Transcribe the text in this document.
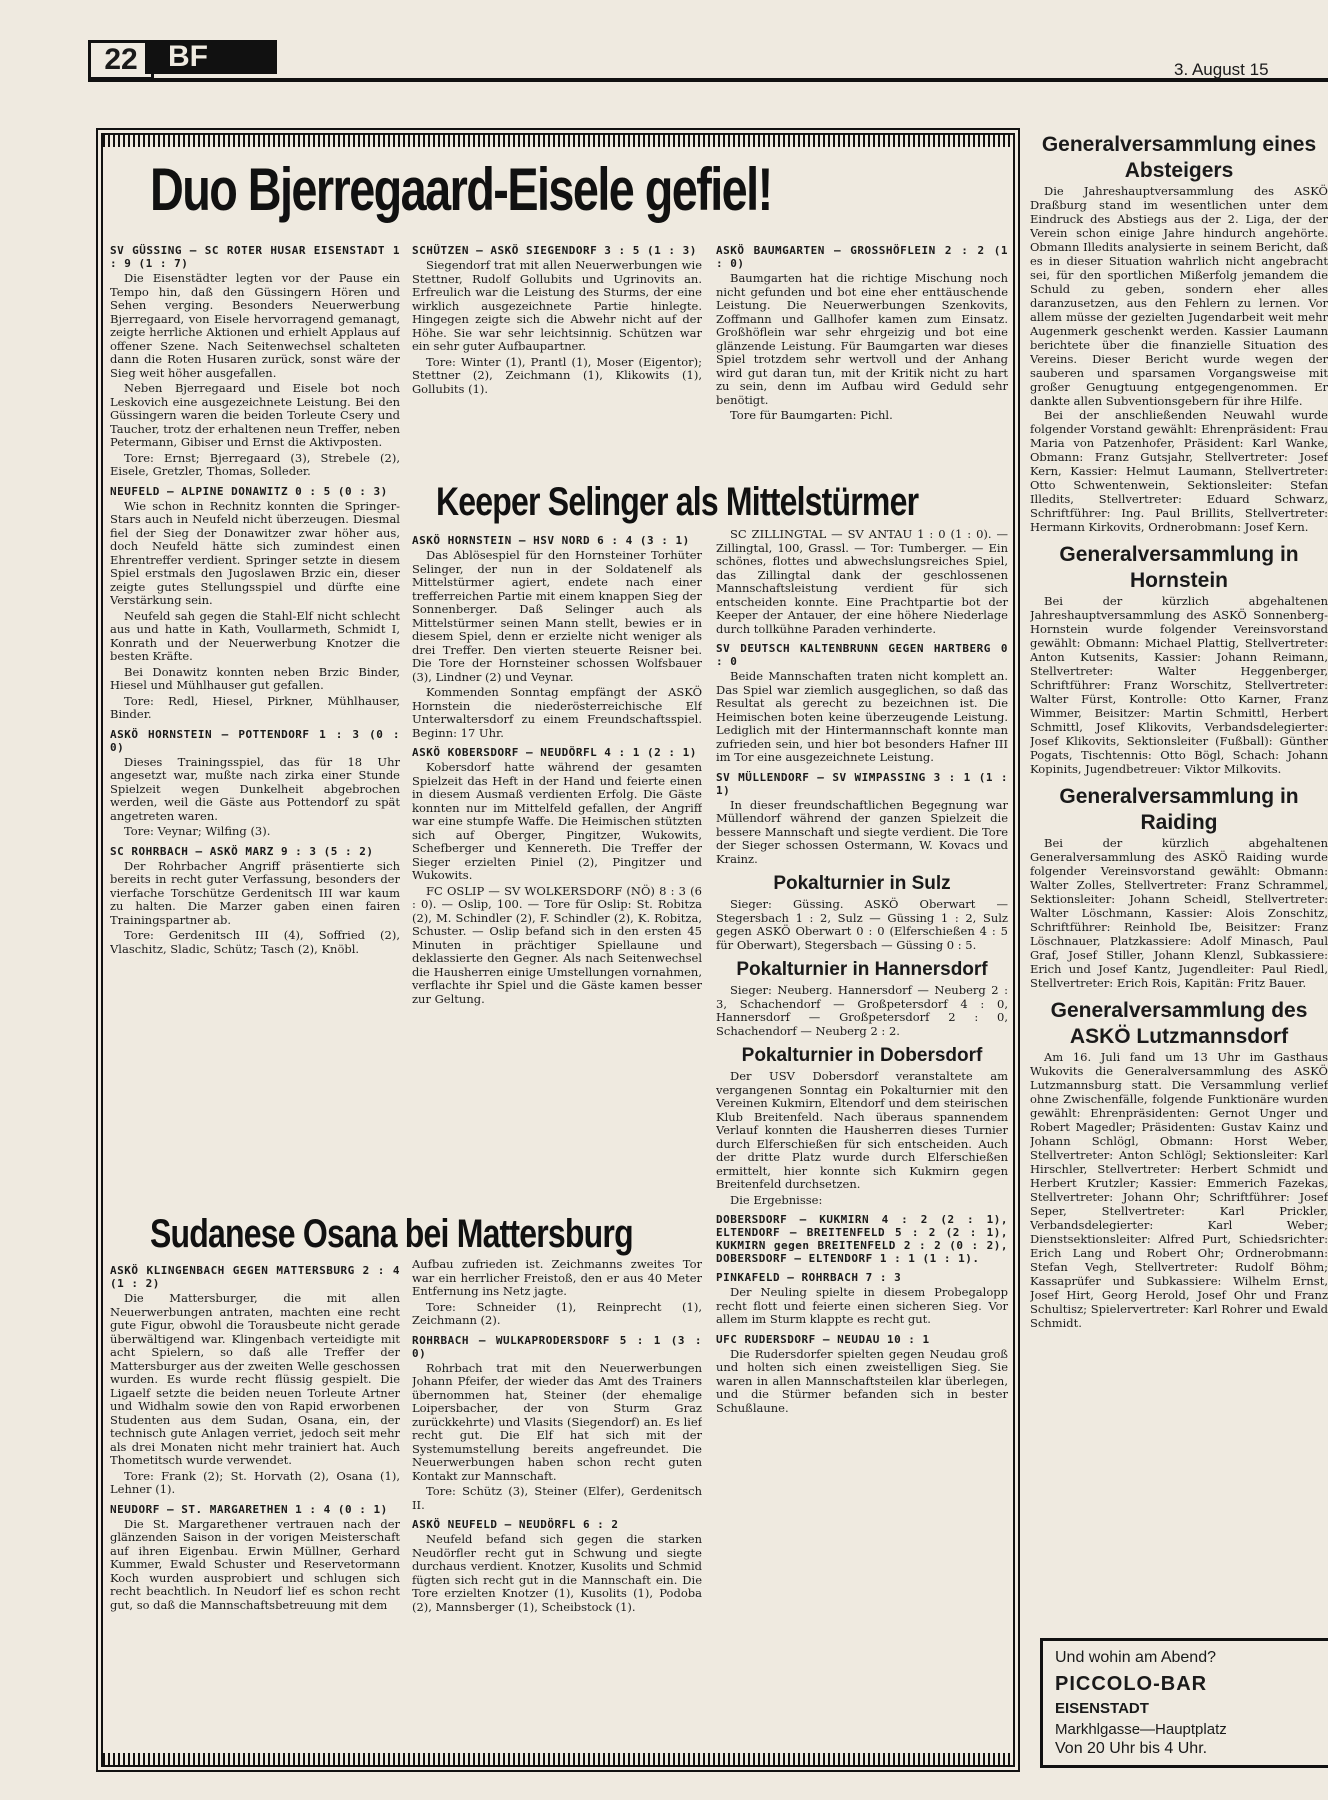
22	BF	3. August 15
Duo Bjerregaard-Eisele gefiel!
SV GÜSSING — SC ROTER HUSAR EISENSTADT 1 : 9 (1 : 7)

Die Eisenstädter legten vor der Pause ein Tempo hin, daß den Güssingern Hören und Sehen verging. Besonders Neuerwerbung Bjerregaard, von Eisele hervorragend gemanagt, zeigte herrliche Aktionen und erhielt Applaus auf offener Szene. Nach Seitenwechsel schalteten dann die Roten Husaren zurück, sonst wäre der Sieg weit höher ausgefallen.

Neben Bjerregaard und Eisele bot noch Leskovich eine ausgezeichnete Leistung. Bei den Güssingern waren die beiden Torleute Csery und Taucher, trotz der erhaltenen neun Treffer, neben Petermann, Gibiser und Ernst die Aktivposten.

Tore: Ernst; Bjerregaard (3), Strebele (2), Eisele, Gretzler, Thomas, Solleder.

NEUFELD — ALPINE DONAWITZ 0 : 5 (0 : 3)

Wie schon in Rechnitz konnten die Springer-Stars auch in Neufeld nicht überzeugen. Diesmal fiel der Sieg der Donawitzer zwar höher aus, doch Neufeld hätte sich zumindest einen Ehrentreffer verdient. Springer setzte in diesem Spiel erstmals den Jugoslawen Brzic ein, dieser zeigte gutes Stellungsspiel und dürfte eine Verstärkung sein.

Neufeld sah gegen die Stahl-Elf nicht schlecht aus und hatte in Kath, Voullarmeth, Schmidt I, Konrath und der Neuerwerbung Knotzer die besten Kräfte.

Bei Donawitz konnten neben Brzic Binder, Hiesel und Mühlhauser gut gefallen.

Tore: Redl, Hiesel, Pirkner, Mühlhauser, Binder.

ASKÖ HORNSTEIN — POTTENDORF 1 : 3 (0 : 0)

Dieses Trainingsspiel, das für 18 Uhr angesetzt war, mußte nach zirka einer Stunde Spielzeit wegen Dunkelheit abgebrochen werden, weil die Gäste aus Pottendorf zu spät angetreten waren.

Tore: Veynar; Wilfing (3).

SC ROHRBACH — ASKÖ MARZ 9 : 3 (5 : 2)

Der Rohrbacher Angriff präsentierte sich bereits in recht guter Verfassung, besonders der vierfache Torschütze Gerdenitsch III war kaum zu halten. Die Marzer gaben einen fairen Trainingspartner ab.

Tore: Gerdenitsch III (4), Soffried (2), Vlaschitz, Sladic, Schütz; Tasch (2), Knöbl.

SCHÜTZEN — ASKÖ SIEGENDORF 3 : 5 (1 : 3)

Siegendorf trat mit allen Neuerwerbungen wie Stettner, Rudolf Gollubits und Ugrinovits an. Erfreulich war die Leistung des Sturms, der eine wirklich ausgezeichnete Partie hinlegte. Hingegen zeigte sich die Abwehr nicht auf der Höhe. Sie war sehr leichtsinnig. Schützen war ein sehr guter Aufbaupartner.

Tore: Winter (1), Prantl (1), Moser (Eigentor); Stettner (2), Zeichmann (1), Klikowits (1), Gollubits (1).

ASKÖ BAUMGARTEN — GROSSHÖFLEIN 2 : 2 (1 : 0)

Baumgarten hat die richtige Mischung noch nicht gefunden und bot eine eher enttäuschende Leistung. Die Neuerwerbungen Szenkovits, Zoffmann und Gallhofer kamen zum Einsatz. Großhöflein war sehr ehrgeizig und bot eine glänzende Leistung. Für Baumgarten war dieses Spiel trotzdem sehr wertvoll und der Anhang wird gut daran tun, mit der Kritik nicht zu hart zu sein, denn im Aufbau wird Geduld sehr benötigt.

Tore für Baumgarten: Pichl.

Keeper Selinger als Mittelstürmer
ASKÖ HORNSTEIN — HSV NORD 6 : 4 (3 : 1)

Das Ablösespiel für den Hornsteiner Torhüter Selinger, der nun in der Soldatenelf als Mittelstürmer agiert, endete nach einer trefferreichen Partie mit einem knappen Sieg der Sonnenberger. Daß Selinger auch als Mittelstürmer seinen Mann stellt, bewies er in diesem Spiel, denn er erzielte nicht weniger als drei Treffer. Den vierten steuerte Reisner bei. Die Tore der Hornsteiner schossen Wolfsbauer (3), Lindner (2) und Veynar.

Kommenden Sonntag empfängt der ASKÖ Hornstein die niederösterreichische Elf Unterwaltersdorf zu einem Freundschaftsspiel. Beginn: 17 Uhr.

ASKÖ KOBERSDORF — NEUDÖRFL 4 : 1 (2 : 1)

Kobersdorf hatte während der gesamten Spielzeit das Heft in der Hand und feierte einen in diesem Ausmaß verdienten Erfolg. Die Gäste konnten nur im Mittelfeld gefallen, der Angriff war eine stumpfe Waffe. Die Heimischen stützten sich auf Oberger, Pingitzer, Wukowits, Schefberger und Kennereth. Die Treffer der Sieger erzielten Piniel (2), Pingitzer und Wukowits.

FC OSLIP — SV WOLKERSDORF (NÖ) 8 : 3 (6 : 0). — Oslip, 100. — Tore für Oslip: St. Robitza (2), M. Schindler (2), F. Schindler (2), K. Robitza, Schuster. — Oslip befand sich in den ersten 45 Minuten in prächtiger Spiellaune und deklassierte den Gegner. Als nach Seitenwechsel die Hausherren einige Umstellungen vornahmen, verflachte ihr Spiel und die Gäste kamen besser zur Geltung.

SC ZILLINGTAL — SV ANTAU 1 : 0 (1 : 0). — Zillingtal, 100, Grassl. — Tor: Tumberger. — Ein schönes, flottes und abwechslungsreiches Spiel, das Zillingtal dank der geschlossenen Mannschaftsleistung verdient für sich entscheiden konnte. Eine Prachtpartie bot der Keeper der Antauer, der eine höhere Niederlage durch tollkühne Paraden verhinderte.

SV DEUTSCH KALTENBRUNN GEGEN HARTBERG 0 : 0

Beide Mannschaften traten nicht komplett an. Das Spiel war ziemlich ausgeglichen, so daß das Resultat als gerecht zu bezeichnen ist. Die Heimischen boten keine überzeugende Leistung. Lediglich mit der Hintermannschaft konnte man zufrieden sein, und hier bot besonders Hafner III im Tor eine ausgezeichnete Leistung.

SV MÜLLENDORF — SV WIMPASSING 3 : 1 (1 : 1)

In dieser freundschaftlichen Begegnung war Müllendorf während der ganzen Spielzeit die bessere Mannschaft und siegte verdient. Die Tore der Sieger schossen Ostermann, W. Kovacs und Krainz.

Pokalturnier in Sulz

Sieger: Güssing. ASKÖ Oberwart — Stegersbach 1 : 2, Sulz — Güssing 1 : 2, Sulz gegen ASKÖ Oberwart 0 : 0 (Elferschießen 4 : 5 für Oberwart), Stegersbach — Güssing 0 : 5.

Pokalturnier in Hannersdorf

Sieger: Neuberg. Hannersdorf — Neuberg 2 : 3, Schachendorf — Großpetersdorf 4 : 0, Hannersdorf — Großpetersdorf 2 : 0, Schachendorf — Neuberg 2 : 2.

Pokalturnier in Dobersdorf

Der USV Dobersdorf veranstaltete am vergangenen Sonntag ein Pokalturnier mit den Vereinen Kukmirn, Eltendorf und dem steirischen Klub Breitenfeld. Nach überaus spannendem Verlauf konnten die Hausherren dieses Turnier durch Elferschießen für sich entscheiden. Auch der dritte Platz wurde durch Elferschießen ermittelt, hier konnte sich Kukmirn gegen Breitenfeld durchsetzen.

Die Ergebnisse:

DOBERSDORF — KUKMIRN 4 : 2 (2 : 1), ELTENDORF — BREITENFELD 5 : 2 (2 : 1), KUKMIRN gegen BREITENFELD 2 : 2 (0 : 2), DOBERSDORF — ELTENDORF 1 : 1 (1 : 1).
PINKAFELD — ROHRBACH 7 : 3

Der Neuling spielte in diesem Probegalopp recht flott und feierte einen sicheren Sieg. Vor allem im Sturm klappte es recht gut.

UFC RUDERSDORF — NEUDAU 10 : 1

Die Rudersdorfer spielten gegen Neudau groß und holten sich einen zweistelligen Sieg. Sie waren in allen Mannschaftsteilen klar überlegen, und die Stürmer befanden sich in bester Schußlaune.

Sudanese Osana bei Mattersburg
ASKÖ KLINGENBACH GEGEN MATTERSBURG 2 : 4 (1 : 2)

Die Mattersburger, die mit allen Neuerwerbungen antraten, machten eine recht gute Figur, obwohl die Torausbeute nicht gerade überwältigend war. Klingenbach verteidigte mit acht Spielern, so daß alle Treffer der Mattersburger aus der zweiten Welle geschossen wurden. Es wurde recht flüssig gespielt. Die Ligaelf setzte die beiden neuen Torleute Artner und Widhalm sowie den von Rapid erworbenen Studenten aus dem Sudan, Osana, ein, der technisch gute Anlagen verriet, jedoch seit mehr als drei Monaten nicht mehr trainiert hat. Auch Thometitsch wurde verwendet.

Tore: Frank (2); St. Horvath (2), Osana (1), Lehner (1).

NEUDORF — ST. MARGARETHEN 1 : 4 (0 : 1)

Die St. Margarethener vertrauen nach der glänzenden Saison in der vorigen Meisterschaft auf ihren Eigenbau. Erwin Müllner, Gerhard Kummer, Ewald Schuster und Reservetormann Koch wurden ausprobiert und schlugen sich recht beachtlich. In Neudorf lief es schon recht gut, so daß die Mannschaftsbetreuung mit dem

Aufbau zufrieden ist. Zeichmanns zweites Tor war ein herrlicher Freistoß, den er aus 40 Meter Entfernung ins Netz jagte.

Tore: Schneider (1), Reinprecht (1), Zeichmann (2).

ROHRBACH — WULKAPRODERSDORF 5 : 1 (3 : 0)

Rohrbach trat mit den Neuerwerbungen Johann Pfeifer, der wieder das Amt des Trainers übernommen hat, Steiner (der ehemalige Loipersbacher, der von Sturm Graz zurückkehrte) und Vlasits (Siegendorf) an. Es lief recht gut. Die Elf hat sich mit der Systemumstellung bereits angefreundet. Die Neuerwerbungen haben schon recht guten Kontakt zur Mannschaft.

Tore: Schütz (3), Steiner (Elfer), Gerdenitsch II.

ASKÖ NEUFELD — NEUDÖRFL 6 : 2

Neufeld befand sich gegen die starken Neudörfler recht gut in Schwung und siegte durchaus verdient. Knotzer, Kusolits und Schmid fügten sich recht gut in die Mannschaft ein. Die Tore erzielten Knotzer (1), Kusolits (1), Podoba (2), Mannsberger (1), Scheibstock (1).

Generalversammlung eines Absteigers

Die Jahreshauptversammlung des ASKÖ Draßburg stand im wesentlichen unter dem Eindruck des Abstiegs aus der 2. Liga, der der Verein schon einige Jahre hindurch angehörte. Obmann Illedits analysierte in seinem Bericht, daß es in dieser Situation wahrlich nicht angebracht sei, für den sportlichen Mißerfolg jemandem die Schuld zu geben, sondern eher alles daranzusetzen, aus den Fehlern zu lernen. Vor allem müsse der gezielten Jugendarbeit weit mehr Augenmerk geschenkt werden. Kassier Laumann berichtete über die finanzielle Situation des Vereins. Dieser Bericht wurde wegen der sauberen und sparsamen Vorgangsweise mit großer Genugtuung entgegengenommen. Er dankte allen Subventionsgebern für ihre Hilfe.

Bei der anschließenden Neuwahl wurde folgender Vorstand gewählt: Ehrenpräsident: Frau Maria von Patzenhofer, Präsident: Karl Wanke, Obmann: Franz Gutsjahr, Stellvertreter: Josef Kern, Kassier: Helmut Laumann, Stellvertreter: Otto Schwentenwein, Sektionsleiter: Stefan Illedits, Stellvertreter: Eduard Schwarz, Schriftführer: Ing. Paul Brillits, Stellvertreter: Hermann Kirkovits, Ordnerobmann: Josef Kern.

Generalversammlung in Hornstein

Bei der kürzlich abgehaltenen Jahreshauptversammlung des ASKÖ Sonnenberg-Hornstein wurde folgender Vereinsvorstand gewählt: Obmann: Michael Plattig, Stellvertreter: Anton Kutsenits, Kassier: Johann Reimann, Stellvertreter: Walter Heggenberger, Schriftführer: Franz Worschitz, Stellvertreter: Walter Fürst, Kontrolle: Otto Karner, Franz Wimmer, Beisitzer: Martin Schmittl, Herbert Schmittl, Josef Klikovits, Verbandsdelegierter: Josef Klikovits, Sektionsleiter (Fußball): Günther Pogats, Tischtennis: Otto Bögl, Schach: Johann Kopinits, Jugendbetreuer: Viktor Milkovits.

Generalversammlung in Raiding

Bei der kürzlich abgehaltenen Generalversammlung des ASKÖ Raiding wurde folgender Vereinsvorstand gewählt: Obmann: Walter Zolles, Stellvertreter: Franz Schrammel, Sektionsleiter: Johann Scheidl, Stellvertreter: Walter Löschmann, Kassier: Alois Zonschitz, Schriftführer: Reinhold Ibe, Beisitzer: Franz Löschnauer, Platzkassiere: Adolf Minasch, Paul Graf, Josef Stiller, Johann Klenzl, Subkassiere: Erich und Josef Kantz, Jugendleiter: Paul Riedl, Stellvertreter: Erich Rois, Kapitän: Fritz Bauer.

Generalversammlung des ASKÖ Lutzmannsdorf

Am 16. Juli fand um 13 Uhr im Gasthaus Wukovits die Generalversammlung des ASKÖ Lutzmannsburg statt. Die Versammlung verlief ohne Zwischenfälle, folgende Funktionäre wurden gewählt: Ehrenpräsidenten: Gernot Unger und Robert Magedler; Präsidenten: Gustav Kainz und Johann Schlögl, Obmann: Horst Weber, Stellvertreter: Anton Schlögl; Sektionsleiter: Karl Hirschler, Stellvertreter: Herbert Schmidt und Herbert Krutzler; Kassier: Emmerich Fazekas, Stellvertreter: Johann Ohr; Schriftführer: Josef Seper, Stellvertreter: Karl Prickler, Verbandsdelegierter: Karl Weber; Dienstsektionsleiter: Alfred Purt, Schiedsrichter: Erich Lang und Robert Ohr; Ordnerobmann: Stefan Vegh, Stellvertreter: Rudolf Böhm; Kassaprüfer und Subkassiere: Wilhelm Ernst, Josef Hirt, Georg Herold, Josef Ohr und Franz Schultisz; Spielervertreter: Karl Rohrer und Ewald Schmidt.

Und wohin am Abend?
PICCOLO-BAR
EISENSTADT
Markhlgasse—Hauptplatz
Von 20 Uhr bis 4 Uhr.
